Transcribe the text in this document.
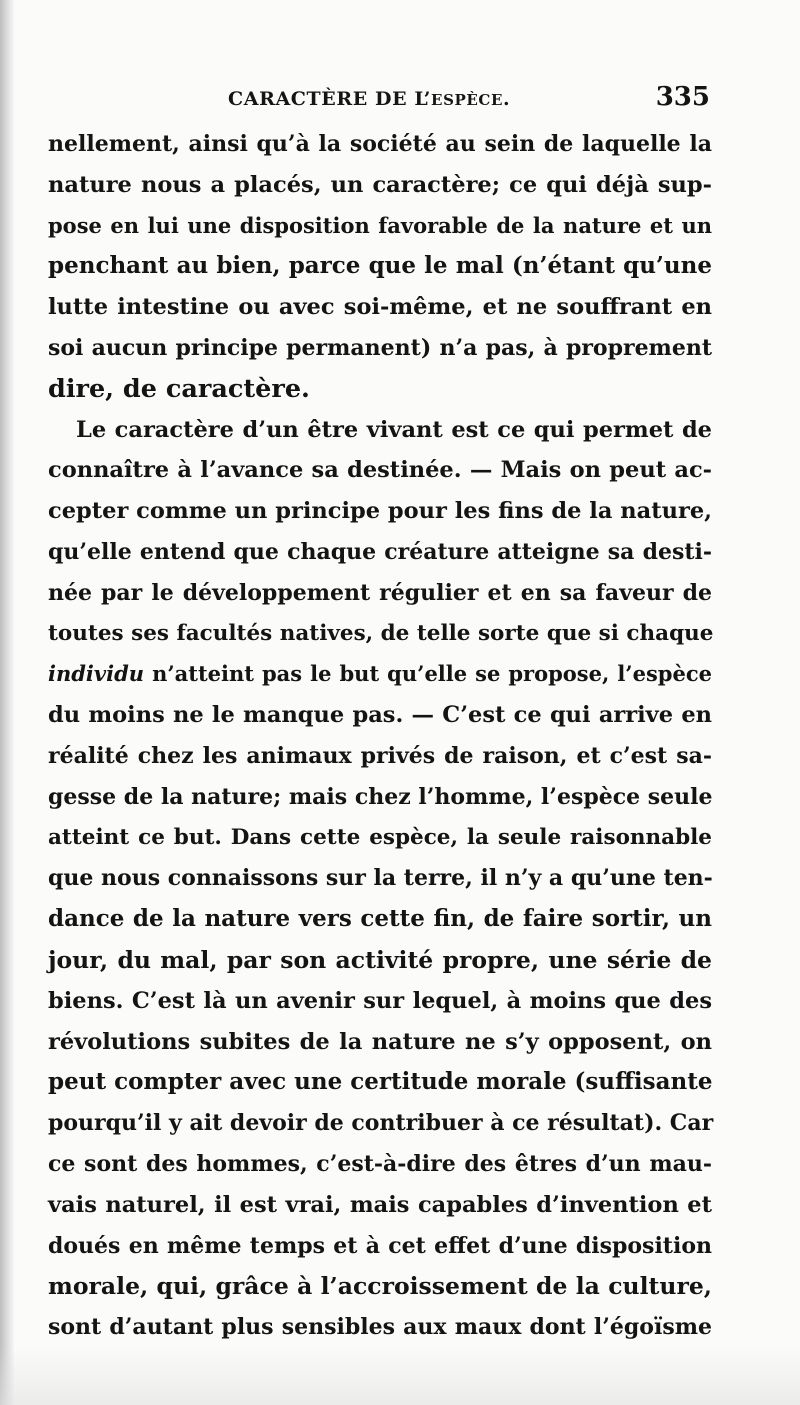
CARACTÈRE DE L’ESPÈCE.	335
nellement, ainsi qu’à la société au sein de laquelle la
nature nous a placés, un caractère; ce qui déjà sup-
pose en lui une disposition favorable de la nature et un
penchant au bien, parce que le mal (n’étant qu’une
lutte intestine ou avec soi-même, et ne souffrant en
soi aucun principe permanent) n’a pas, à proprement
dire, de caractère.
Le caractère d’un être vivant est ce qui permet de
connaître à l’avance sa destinée. — Mais on peut ac-
cepter comme un principe pour les fins de la nature,
qu’elle entend que chaque créature atteigne sa desti-
née par le développement régulier et en sa faveur de
toutes ses facultés natives, de telle sorte que si chaque
individu n’atteint pas le but qu’elle se propose, l’espèce
du moins ne le manque pas. — C’est ce qui arrive en
réalité chez les animaux privés de raison, et c’est sa-
gesse de la nature; mais chez l’homme, l’espèce seule
atteint ce but. Dans cette espèce, la seule raisonnable
que nous connaissons sur la terre, il n’y a qu’une ten-
dance de la nature vers cette fin, de faire sortir, un
jour, du mal, par son activité propre, une série de
biens. C’est là un avenir sur lequel, à moins que des
révolutions subites de la nature ne s’y opposent, on
peut compter avec une certitude morale (suffisante
pourqu’il y ait devoir de contribuer à ce résultat). Car
ce sont des hommes, c’est-à-dire des êtres d’un mau-
vais naturel, il est vrai, mais capables d’invention et
doués en même temps et à cet effet d’une disposition
morale, qui, grâce à l’accroissement de la culture,
sont d’autant plus sensibles aux maux dont l’égoïsme
